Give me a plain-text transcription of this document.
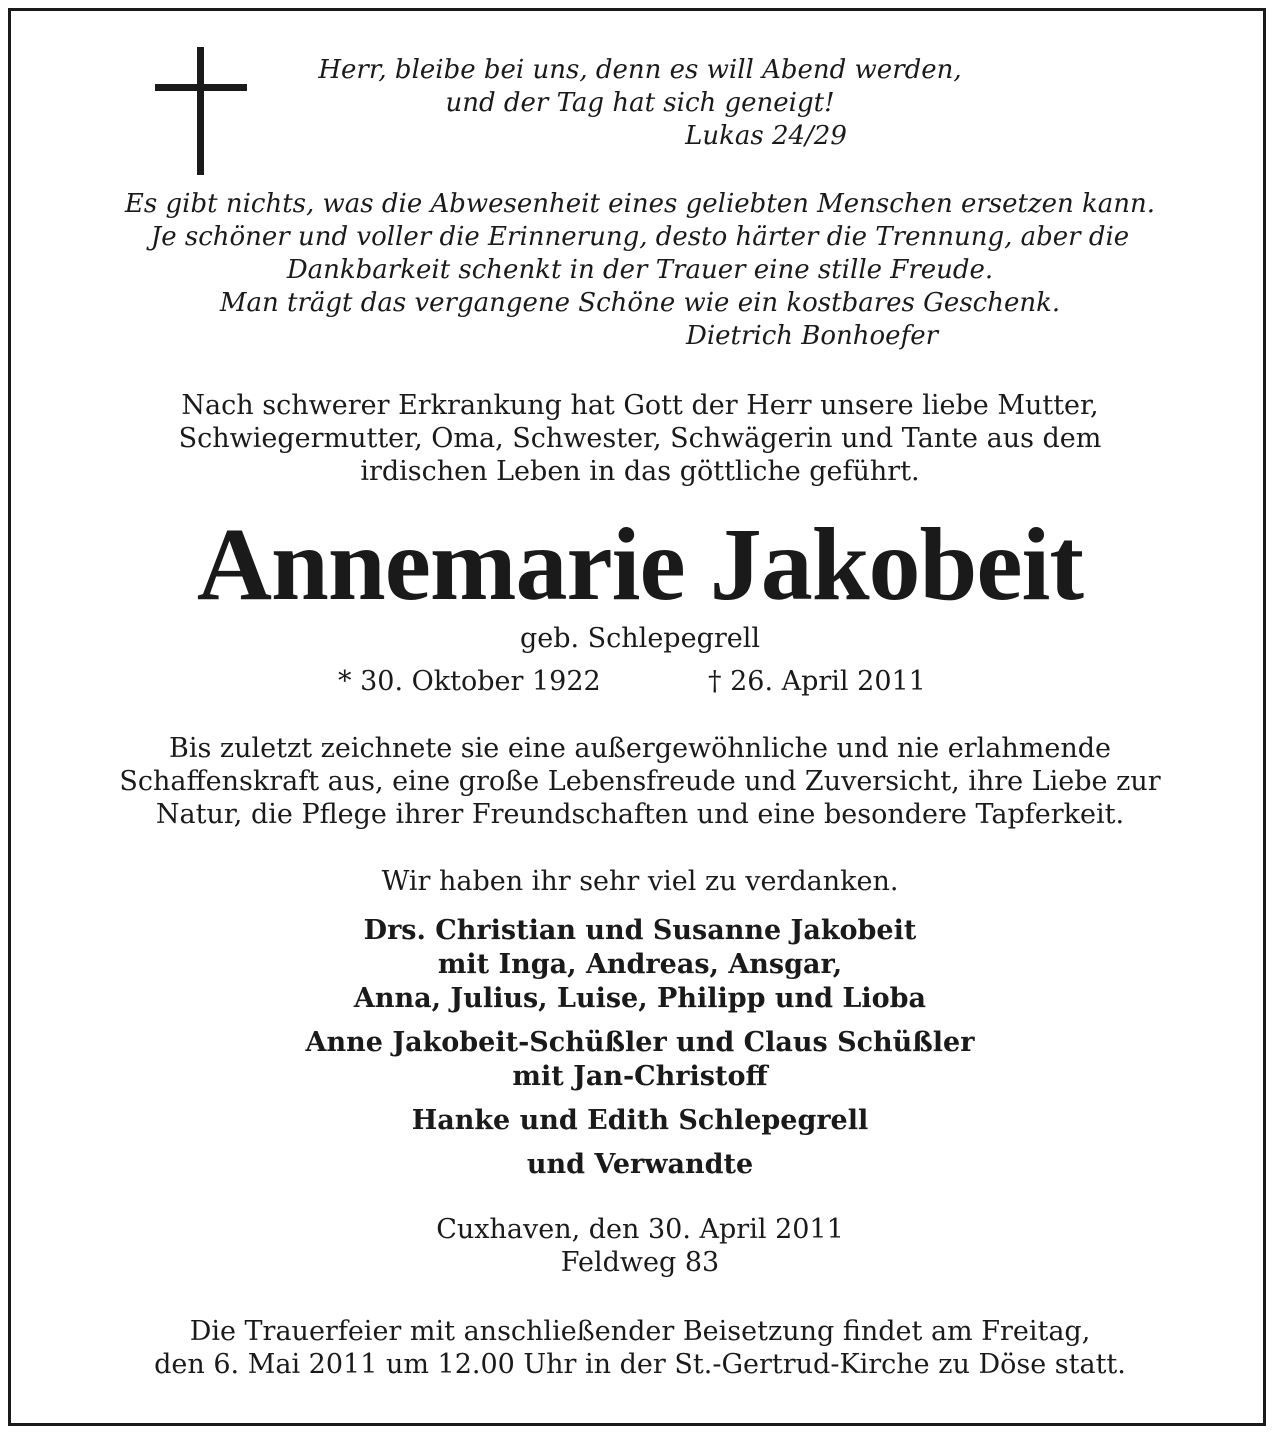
Herr, bleibe bei uns, denn es will Abend werden,
und der Tag hat sich geneigt!
Lukas 24/29
Es gibt nichts, was die Abwesenheit eines geliebten Menschen ersetzen kann.
Je schöner und voller die Erinnerung, desto härter die Trennung, aber die
Dankbarkeit schenkt in der Trauer eine stille Freude.
Man trägt das vergangene Schöne wie ein kostbares Geschenk.
Dietrich Bonhoefer
Nach schwerer Erkrankung hat Gott der Herr unsere liebe Mutter,
Schwiegermutter, Oma, Schwester, Schwägerin und Tante aus dem
irdischen Leben in das göttliche geführt.
Annemarie Jakobeit
geb. Schlepegrell
* 30. Oktober 1922	† 26. April 2011
Bis zuletzt zeichnete sie eine außergewöhnliche und nie erlahmende
Schaffenskraft aus, eine große Lebensfreude und Zuversicht, ihre Liebe zur
Natur, die Pflege ihrer Freundschaften und eine besondere Tapferkeit.
Wir haben ihr sehr viel zu verdanken.
Drs. Christian und Susanne Jakobeit
mit Inga, Andreas, Ansgar,
Anna, Julius, Luise, Philipp und Lioba
Anne Jakobeit-Schüßler und Claus Schüßler
mit Jan-Christoff
Hanke und Edith Schlepegrell
und Verwandte
Cuxhaven, den 30. April 2011
Feldweg 83
Die Trauerfeier mit anschließender Beisetzung findet am Freitag,
den 6. Mai 2011 um 12.00 Uhr in der St.-Gertrud-Kirche zu Döse statt.
